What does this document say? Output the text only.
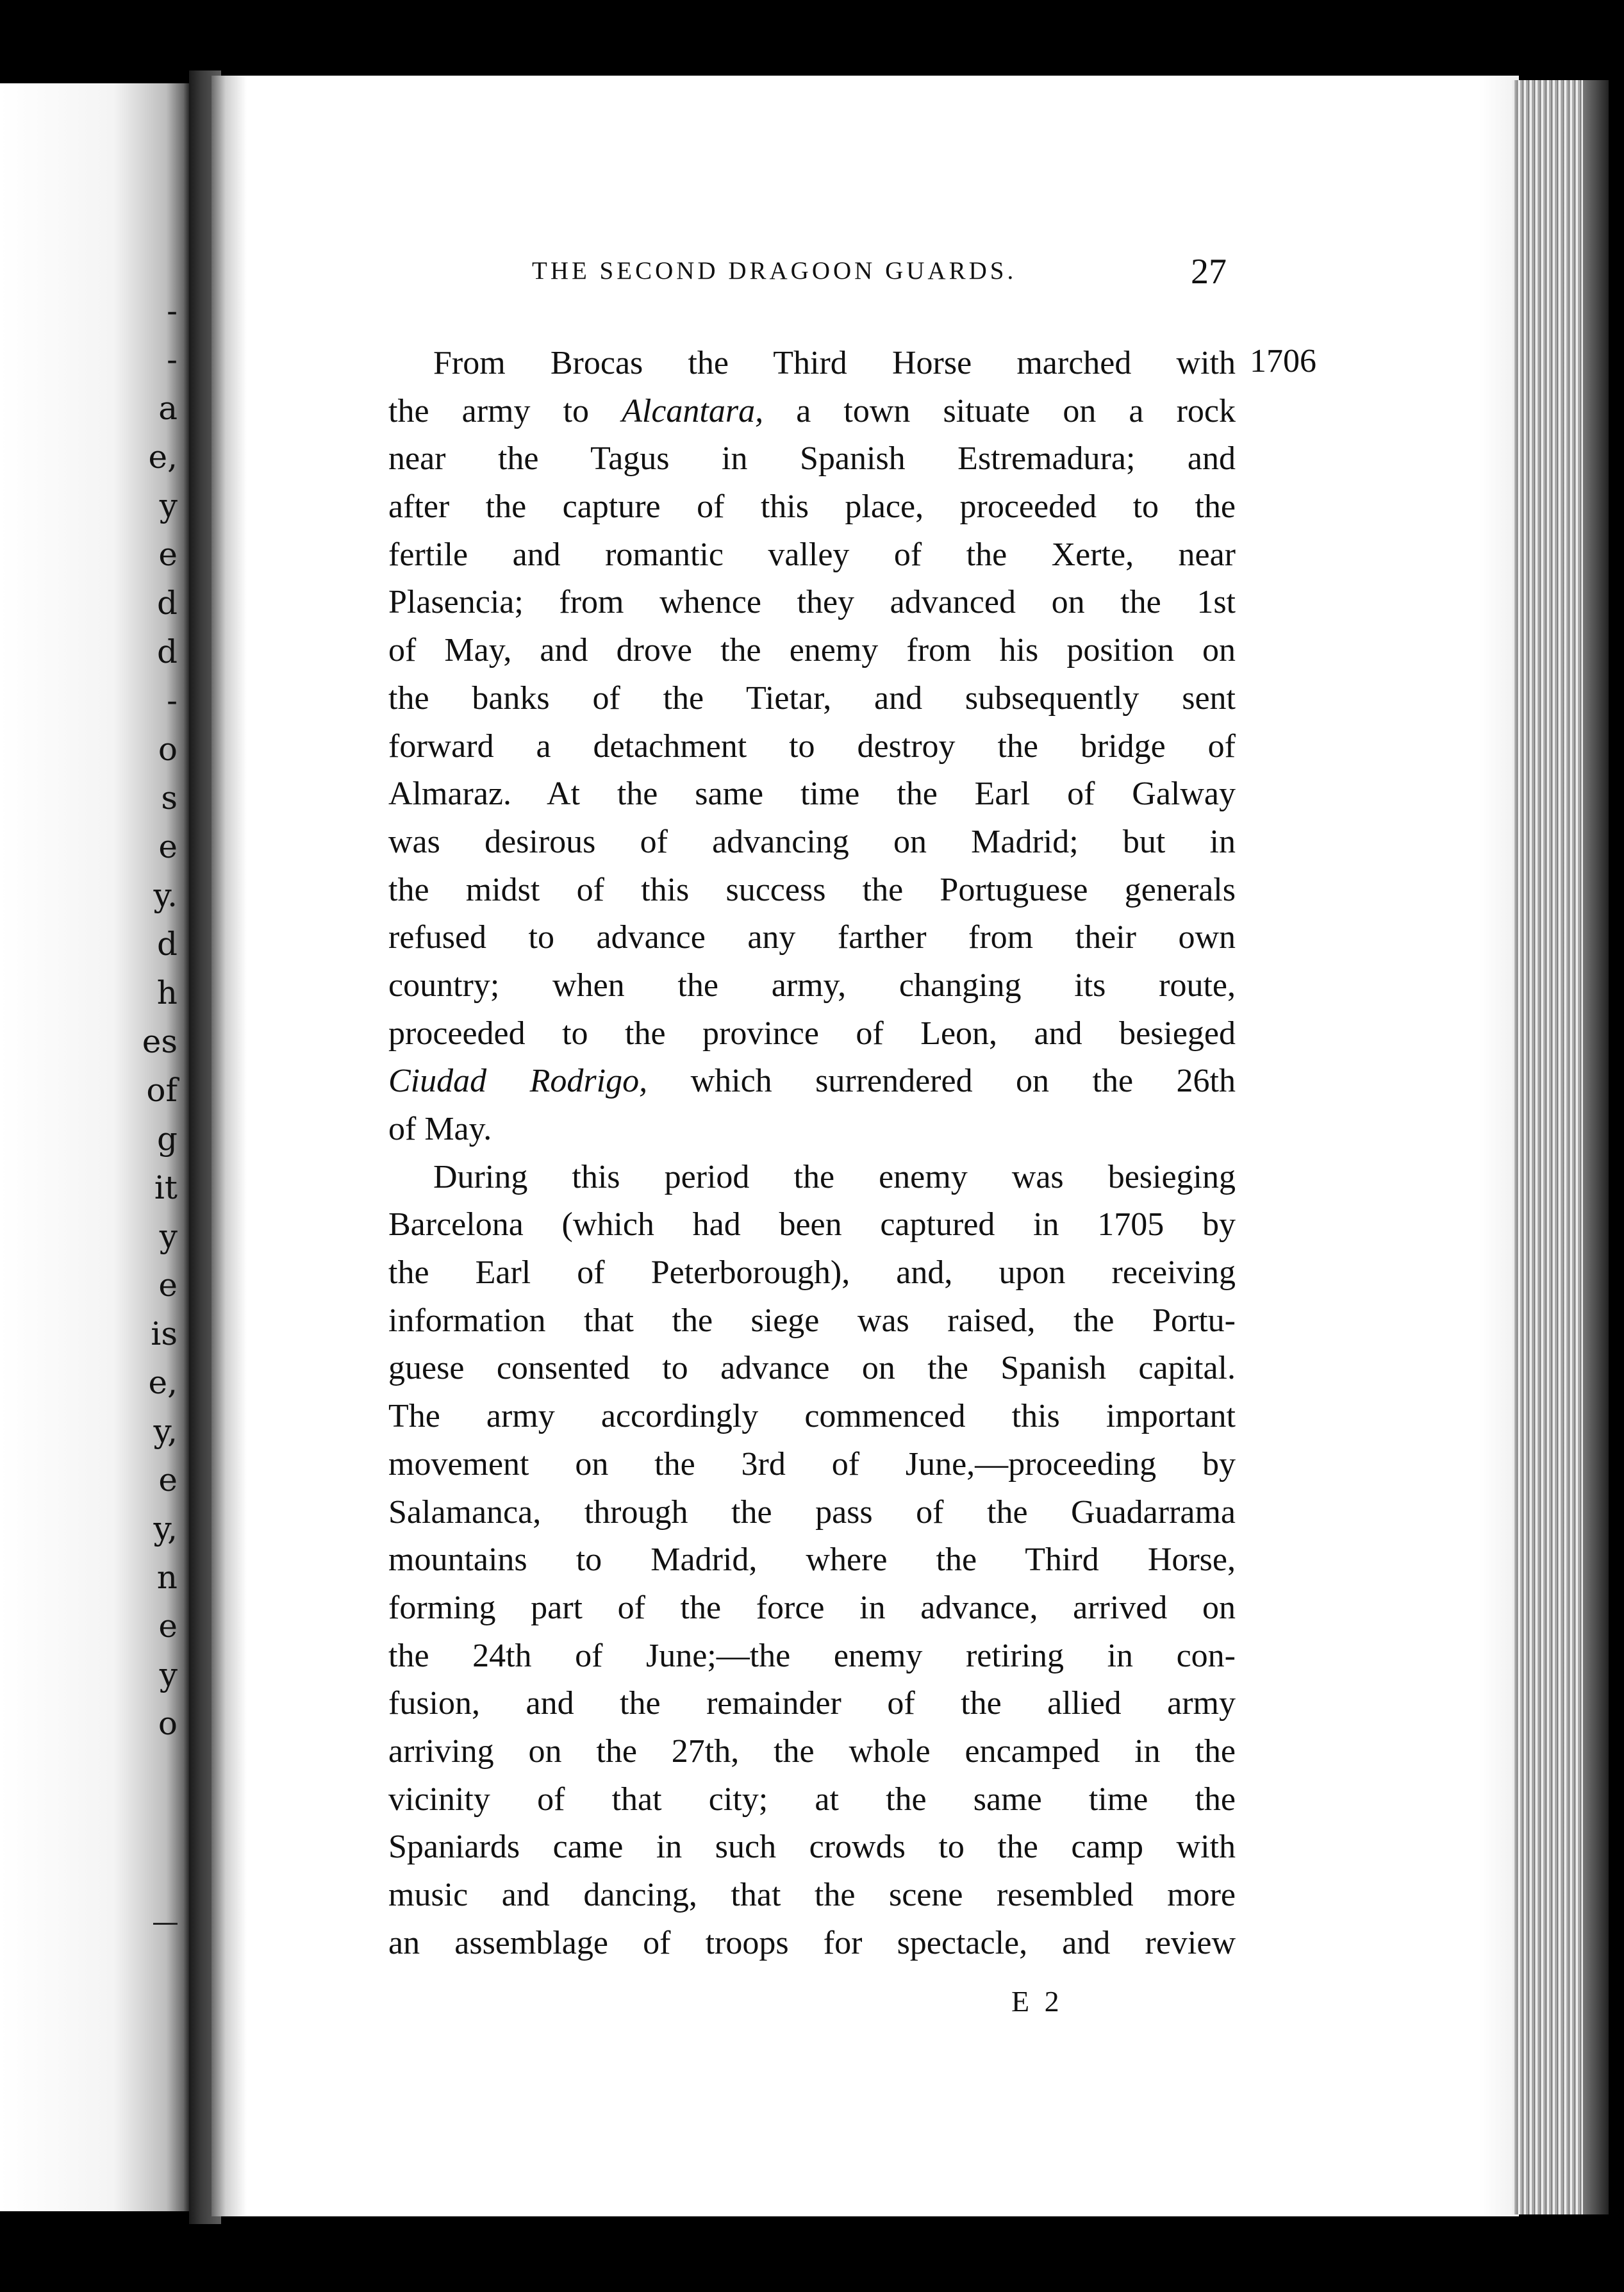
-
-
a
e,
y
e
d
d
-
o
s
e
y.
d
h
es
of
g
it
y
e
is
e,
y,
e
y,
n
e
y
o
THE SECOND DRAGOON GUARDS.	27
1706
From Brocas the Third Horse marched with
the army to Alcantara, a town situate on a rock
near the Tagus in Spanish Estremadura; and
after the capture of this place, proceeded to the
fertile and romantic valley of the Xerte, near
Plasencia; from whence they advanced on the 1st
of May, and drove the enemy from his position on
the banks of the Tietar, and subsequently sent
forward a detachment to destroy the bridge of
Almaraz. At the same time the Earl of Galway
was desirous of advancing on Madrid; but in
the midst of this success the Portuguese generals
refused to advance any farther from their own
country; when the army, changing its route,
proceeded to the province of Leon, and besieged
Ciudad Rodrigo, which surrendered on the 26th
of May.
During this period the enemy was besieging
Barcelona (which had been captured in 1705 by
the Earl of Peterborough), and, upon receiving
information that the siege was raised, the Portu-
guese consented to advance on the Spanish capital.
The army accordingly commenced this important
movement on the 3rd of June,—proceeding by
Salamanca, through the pass of the Guadarrama
mountains to Madrid, where the Third Horse,
forming part of the force in advance, arrived on
the 24th of June;—the enemy retiring in con-
fusion, and the remainder of the allied army
arriving on the 27th, the whole encamped in the
vicinity of that city; at the same time the
Spaniards came in such crowds to the camp with
music and dancing, that the scene resembled more
an assemblage of troops for spectacle, and review
E 2
